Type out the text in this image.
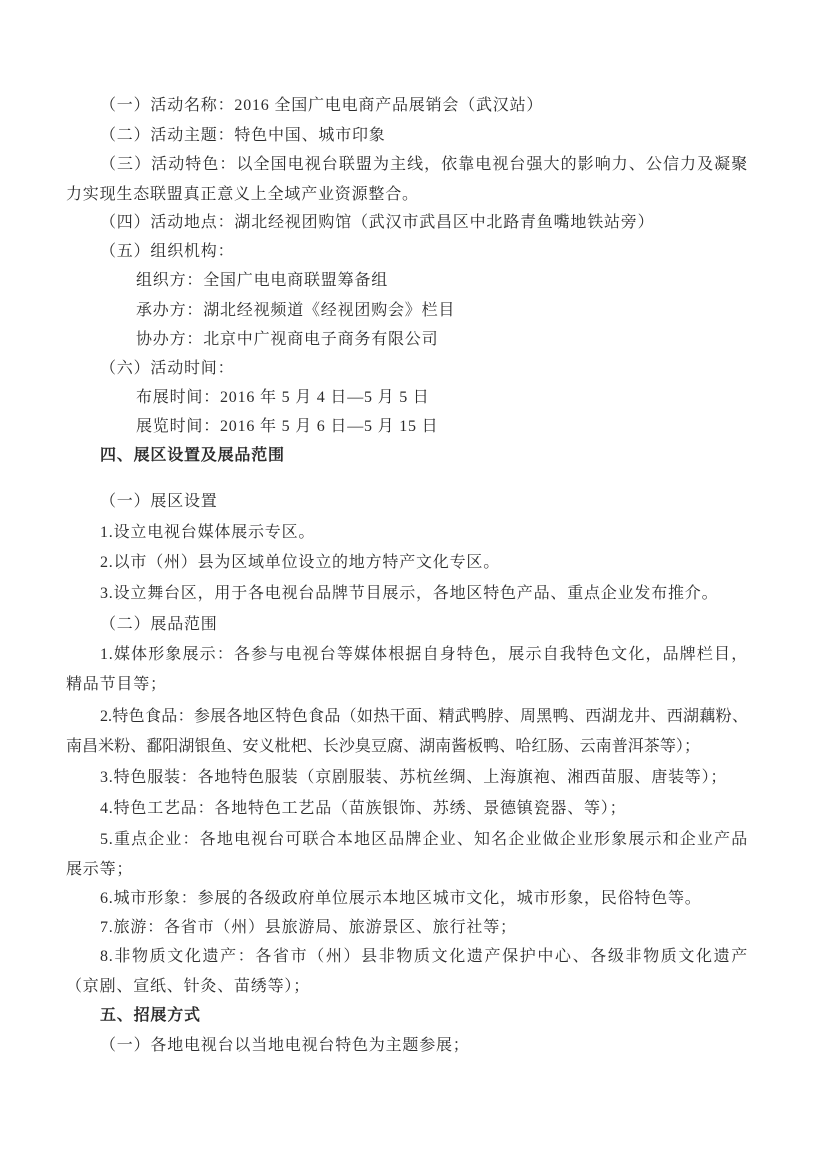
（一）活动名称：2016 全国广电电商产品展销会（武汉站）
（二）活动主题：特色中国、城市印象
（三）活动特色：以全国电视台联盟为主线，依靠电视台强大的影响力、公信力及凝聚力实现生态联盟真正意义上全域产业资源整合。
（四）活动地点：湖北经视团购馆（武汉市武昌区中北路青鱼嘴地铁站旁）
（五）组织机构：
组织方：全国广电电商联盟筹备组
承办方：湖北经视频道《经视团购会》栏目
协办方：北京中广视商电子商务有限公司
（六）活动时间：
布展时间：2016 年 5 月 4 日—5 月 5 日
展览时间：2016 年 5 月 6 日—5 月 15 日
四、展区设置及展品范围
（一）展区设置
1.设立电视台媒体展示专区。
2.以市（州）县为区域单位设立的地方特产文化专区。
3.设立舞台区，用于各电视台品牌节目展示，各地区特色产品、重点企业发布推介。
（二）展品范围
1.媒体形象展示：各参与电视台等媒体根据自身特色，展示自我特色文化，品牌栏目，精品节目等；
2.特色食品：参展各地区特色食品（如热干面、精武鸭脖、周黑鸭、西湖龙井、西湖藕粉、南昌米粉、鄱阳湖银鱼、安义枇杷、长沙臭豆腐、湖南酱板鸭、哈红肠、云南普洱茶等）；
3.特色服装：各地特色服装（京剧服装、苏杭丝绸、上海旗袍、湘西苗服、唐装等）；
4.特色工艺品：各地特色工艺品（苗族银饰、苏绣、景德镇瓷器、等）；
5.重点企业：各地电视台可联合本地区品牌企业、知名企业做企业形象展示和企业产品展示等；
6.城市形象：参展的各级政府单位展示本地区城市文化，城市形象，民俗特色等。
7.旅游：各省市（州）县旅游局、旅游景区、旅行社等；
8.非物质文化遗产：各省市（州）县非物质文化遗产保护中心、各级非物质文化遗产（京剧、宣纸、针灸、苗绣等）；
五、招展方式
（一）各地电视台以当地电视台特色为主题参展；
